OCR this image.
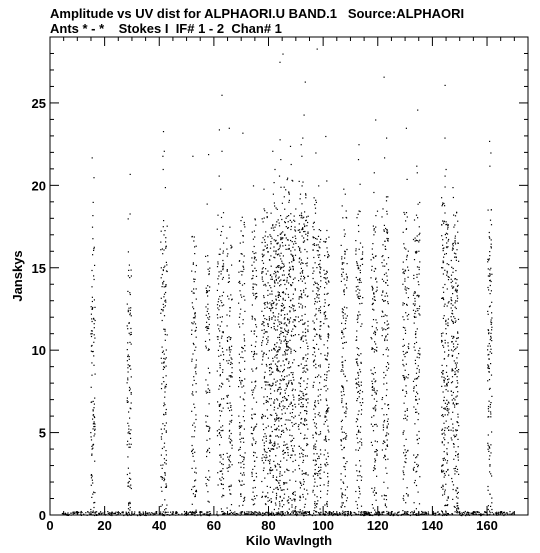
Amplitude vs UV dist for ALPHAORI.U BAND.1   Source:ALPHAORI
Ants * - *    Stokes I  IF# 1 - 2  Chan# 1
0	20	40	60	80	100	120	140	160
0
5
10
15
20
25
Kilo Wavlngth
Janskys
